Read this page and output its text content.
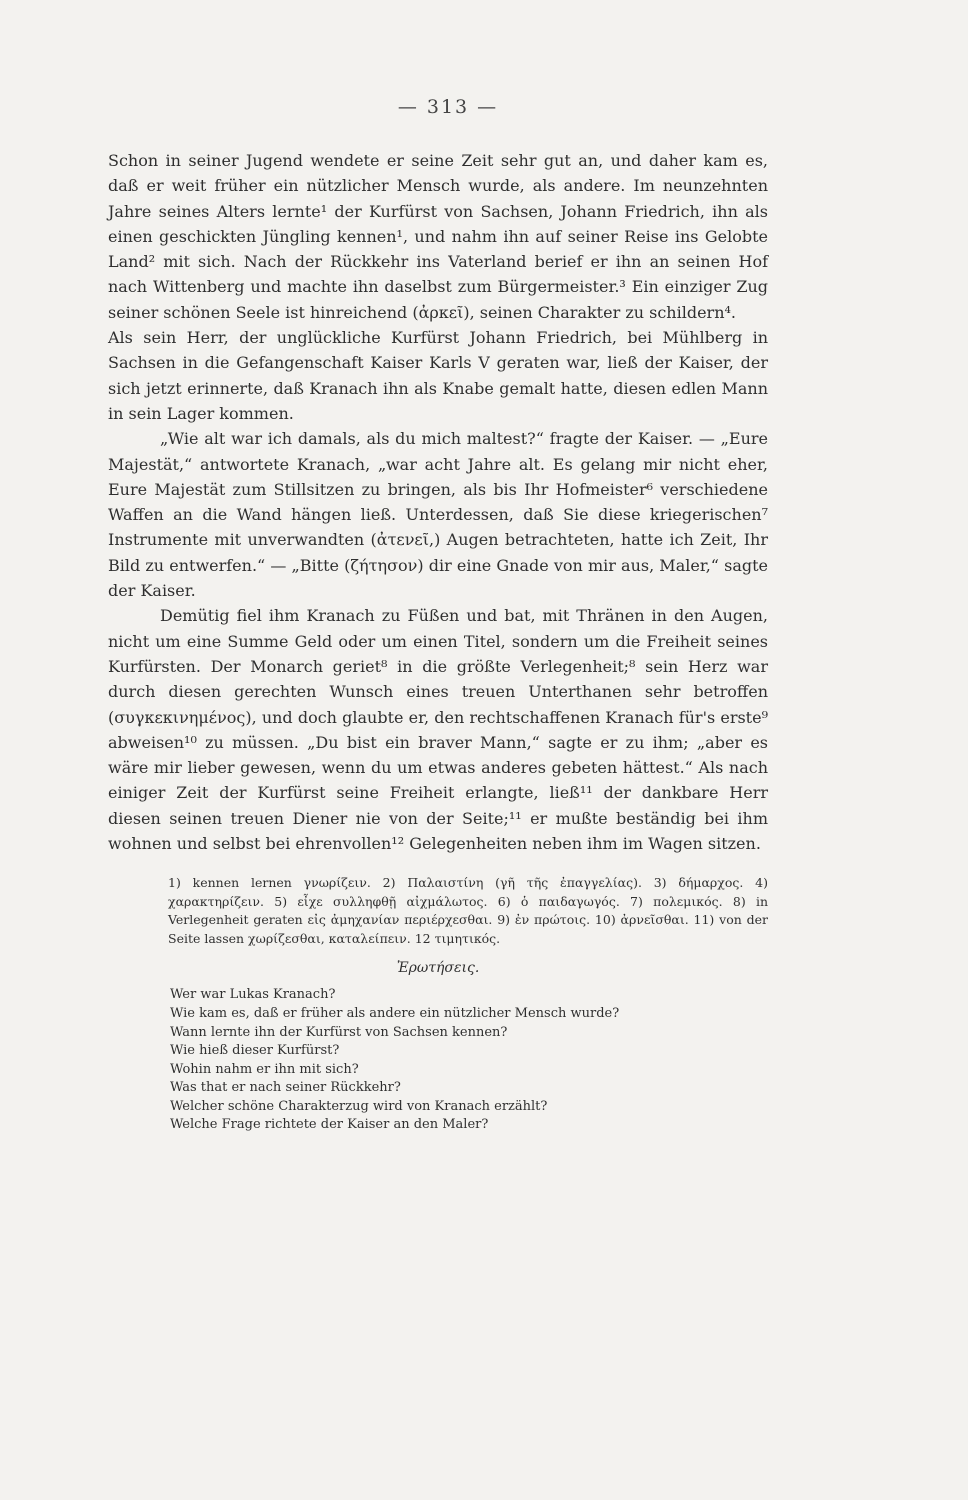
— 313 —

Schon in seiner Jugend wendete er seine Zeit sehr gut an, und daher kam es, daß er weit früher ein nützlicher Mensch wurde, als andere. Im neunzehnten Jahre seines Alters lernte¹ der Kurfürst von Sachsen, Johann Friedrich, ihn als einen geschickten Jüngling kennen¹, und nahm ihn auf seiner Reise ins Gelobte Land² mit sich. Nach der Rückkehr ins Vaterland berief er ihn an seinen Hof nach Wittenberg und machte ihn daselbst zum Bürgermeister.³ Ein einziger Zug seiner schönen Seele ist hinreichend (ἀρκεῖ), seinen Charakter zu schildern⁴.

Als sein Herr, der unglückliche Kurfürst Johann Friedrich, bei Mühlberg in Sachsen in die Gefangenschaft Kaiser Karls V geraten war, ließ der Kaiser, der sich jetzt erinnerte, daß Kranach ihn als Knabe gemalt hatte, diesen edlen Mann in sein Lager kommen.

„Wie alt war ich damals, als du mich maltest?“ fragte der Kaiser. — „Eure Majestät,“ antwortete Kranach, „war acht Jahre alt. Es gelang mir nicht eher, Eure Majestät zum Stillsitzen zu bringen, als bis Ihr Hofmeister⁶ verschiedene Waffen an die Wand hängen ließ. Unterdessen, daß Sie diese kriegerischen⁷ Instrumente mit unverwandten (ἀτενεῖ,) Augen betrachteten, hatte ich Zeit, Ihr Bild zu entwerfen.“ — „Bitte (ζήτησον) dir eine Gnade von mir aus, Maler,“ sagte der Kaiser.

Demütig fiel ihm Kranach zu Füßen und bat, mit Thränen in den Augen, nicht um eine Summe Geld oder um einen Titel, sondern um die Freiheit seines Kurfürsten. Der Monarch geriet⁸ in die größte Verlegenheit;⁸ sein Herz war durch diesen gerechten Wunsch eines treuen Unterthanen sehr betroffen (συγκεκινημένος), und doch glaubte er, den rechtschaffenen Kranach für's erste⁹ abweisen¹⁰ zu müssen. „Du bist ein braver Mann,“ sagte er zu ihm; „aber es wäre mir lieber gewesen, wenn du um etwas anderes gebeten hättest.“ Als nach einiger Zeit der Kurfürst seine Freiheit erlangte, ließ¹¹ der dankbare Herr diesen seinen treuen Diener nie von der Seite;¹¹ er mußte beständig bei ihm wohnen und selbst bei ehrenvollen¹² Gelegenheiten neben ihm im Wagen sitzen.

1) kennen lernen γνωρίζειν. 2) Παλαιστίνη (γῆ τῆς ἐπαγγελίας). 3) δήμαρχος. 4) χαρακτηρίζειν. 5) εἶχε συλληφθῇ αἰχμάλωτος. 6) ὁ παιδαγωγός. 7) πολεμικός. 8) in Verlegenheit geraten εἰς ἀμηχανίαν περιέρχεσθαι. 9) ἐν πρώτοις. 10) ἀρνεῖσθαι. 11) von der Seite lassen χωρίζεσθαι, καταλείπειν. 12 τιμητικός.
Ἐρωτήσεις.
Wer war Lukas Kranach?
Wie kam es, daß er früher als andere ein nützlicher Mensch wurde?
Wann lernte ihn der Kurfürst von Sachsen kennen?
Wie hieß dieser Kurfürst?
Wohin nahm er ihn mit sich?
Was that er nach seiner Rückkehr?
Welcher schöne Charakterzug wird von Kranach erzählt?
Welche Frage richtete der Kaiser an den Maler?
